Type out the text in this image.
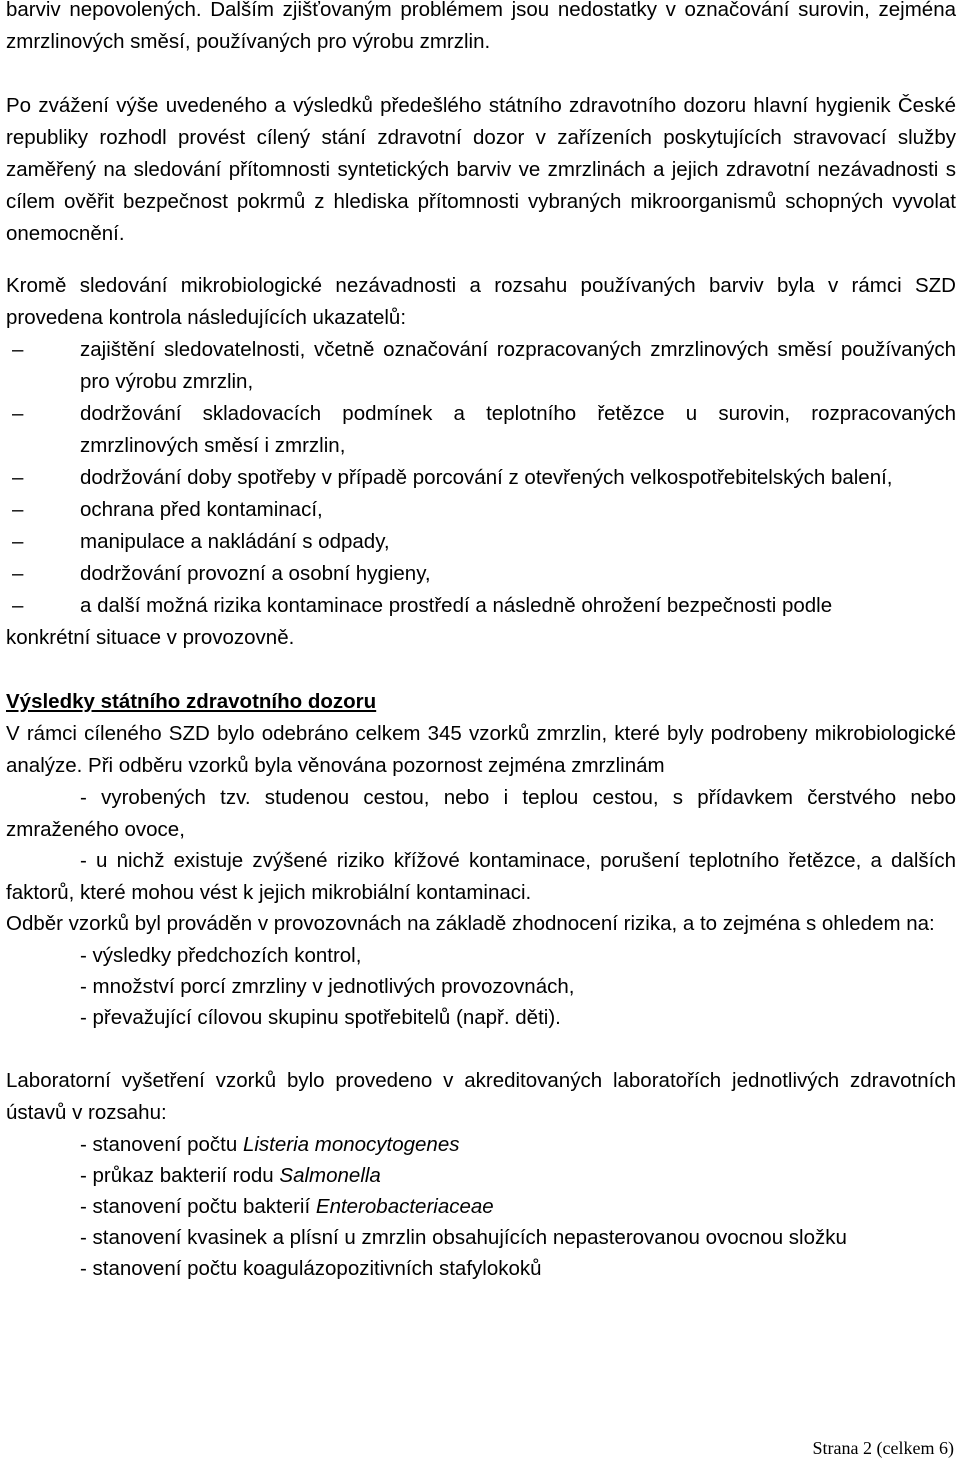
barviv nepovolených. Dalším zjišťovaným problémem jsou nedostatky v označování surovin, zejména zmrzlinových směsí, používaných pro výrobu zmrzlin.

Po zvážení výše uvedeného a výsledků předešlého státního zdravotního dozoru hlavní hygienik České republiky rozhodl provést cílený stání zdravotní dozor v zařízeních poskytujících stravovací služby zaměřený na sledování přítomnosti syntetických barviv ve zmrzlinách a jejich zdravotní nezávadnosti s cílem ověřit bezpečnost pokrmů z hlediska přítomnosti vybraných mikroorganismů schopných vyvolat onemocnění.

Kromě sledování mikrobiologické nezávadnosti a rozsahu používaných barviv byla v rámci SZD provedena kontrola následujících ukazatelů:

–	zajištění sledovatelnosti, včetně označování rozpracovaných zmrzlinových směsí používaných pro výrobu zmrzlin,
–	dodržování skladovacích podmínek a teplotního řetězce u surovin, rozpracovaných zmrzlinových směsí i zmrzlin,
–	dodržování doby spotřeby v případě porcování z otevřených velkospotřebitelských balení,
–	ochrana před kontaminací,
–	manipulace a nakládání s odpady,
–	dodržování provozní a osobní hygieny,
–	a další možná rizika kontaminace prostředí a následně ohrožení bezpečnosti podle

konkrétní situace v provozovně.

Výsledky státního zdravotního dozoru

V rámci cíleného SZD bylo odebráno celkem 345 vzorků zmrzlin, které byly podrobeny mikrobiologické analýze. Při odběru vzorků byla věnována pozornost zejména zmrzlinám

- vyrobených tzv. studenou cestou, nebo i teplou cestou, s přídavkem čerstvého nebo zmraženého ovoce,

- u nichž existuje zvýšené riziko křížové kontaminace, porušení teplotního řetězce, a dalších faktorů, které mohou vést k jejich mikrobiální kontaminaci.

Odběr vzorků byl prováděn v provozovnách na základě zhodnocení rizika, a to zejména s ohledem na:

- výsledky předchozích kontrol,
- množství porcí zmrzliny v jednotlivých provozovnách,
- převažující cílovou skupinu spotřebitelů (např. děti).

Laboratorní vyšetření vzorků bylo provedeno v akreditovaných laboratořích jednotlivých zdravotních ústavů v rozsahu:

- stanovení počtu Listeria monocytogenes
- průkaz bakterií rodu Salmonella
- stanovení počtu bakterií Enterobacteriaceae
- stanovení kvasinek a plísní u zmrzlin obsahujících nepasterovanou ovocnou složku
- stanovení počtu koagulázopozitivních stafylokoků
Strana 2 (celkem 6)
